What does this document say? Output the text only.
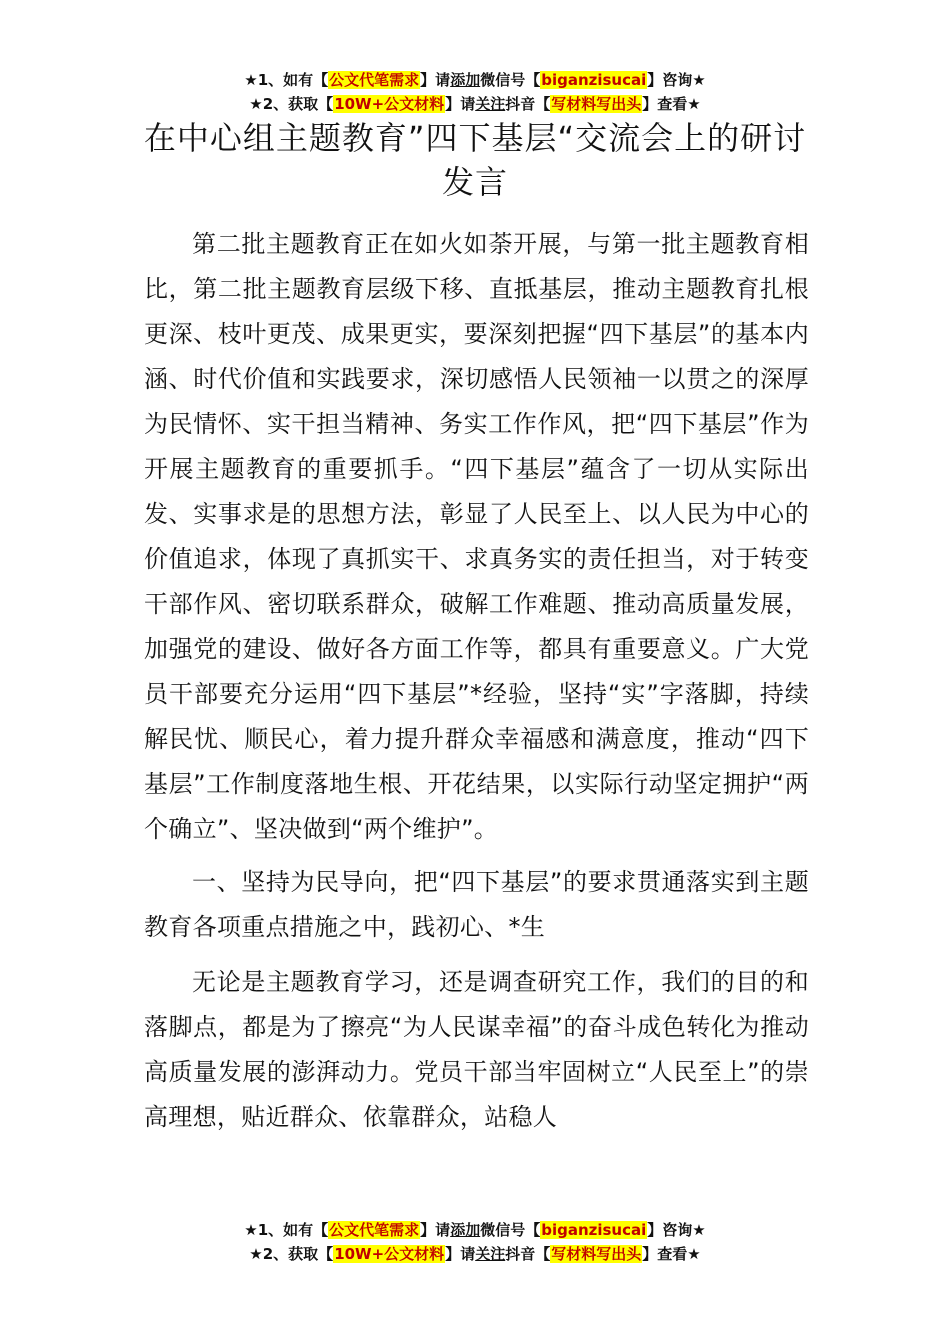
★1、如有【公文代笔需求】请添加微信号【biganzisucai】咨询★
★2、获取【10W+公文材料】请关注抖音【写材料写出头】查看★
在中心组主题教育”四下基层“交流会上的研讨发言

第二批主题教育正在如火如荼开展，与第一批主题教育相比，第二批主题教育层级下移、直抵基层，推动主题教育扎根更深、枝叶更茂、成果更实，要深刻把握“四下基层”的基本内涵、时代价值和实践要求，深切感悟人民领袖一以贯之的深厚为民情怀、实干担当精神、务实工作作风，把“四下基层”作为开展主题教育的重要抓手。“四下基层”蕴含了一切从实际出发、实事求是的思想方法，彰显了人民至上、以人民为中心的价值追求，体现了真抓实干、求真务实的责任担当，对于转变干部作风、密切联系群众，破解工作难题、推动高质量发展，加强党的建设、做好各方面工作等，都具有重要意义。广大党员干部要充分运用“四下基层”*经验，坚持“实”字落脚，持续解民忧、顺民心，着力提升群众幸福感和满意度，推动“四下基层”工作制度落地生根、开花结果，以实际行动坚定拥护“两个确立”、坚决做到“两个维护”。

一、坚持为民导向，把“四下基层”的要求贯通落实到主题教育各项重点措施之中，践初心、*生

无论是主题教育学习，还是调查研究工作，我们的目的和落脚点，都是为了擦亮“为人民谋幸福”的奋斗成色转化为推动高质量发展的澎湃动力。党员干部当牢固树立“人民至上”的崇高理想，贴近群众、依靠群众，站稳人

★1、如有【公文代笔需求】请添加微信号【biganzisucai】咨询★
★2、获取【10W+公文材料】请关注抖音【写材料写出头】查看★
